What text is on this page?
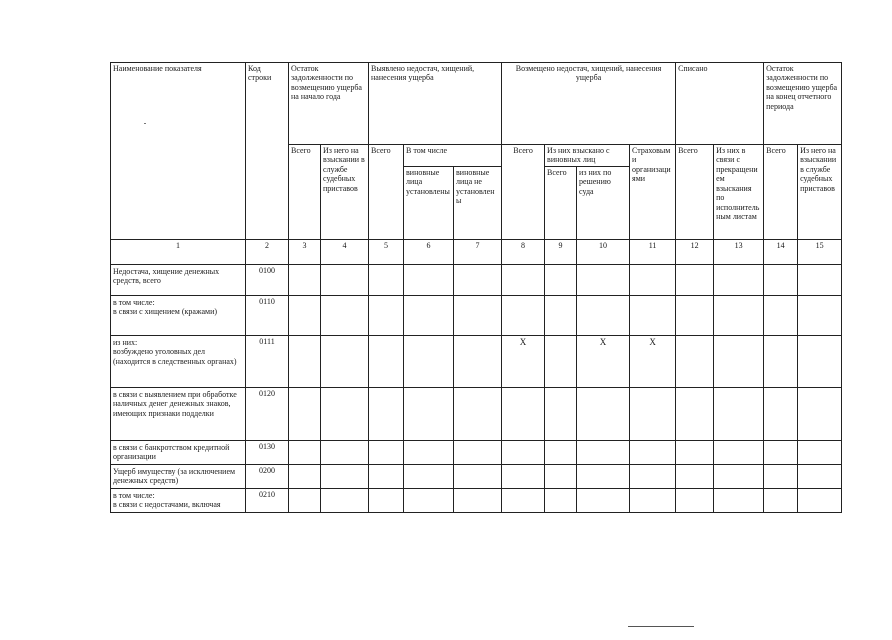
Наименование показателя	Код строки	Остаток задолженности по возмещению ущерба на начало года		Выявлено недостач, хищений, нанесения ущерба			Возмещено недостач, хищений, нанесения ущерба				Списано		Остаток задолженности по возмещению ущерба на конец отчетного периода	
		Всего	Из него на взыскании в службе судебных приставов	Всего	В том числе		Всего	Из них взыскано с виновных лиц		Страховыми организациями	Всего	Из них в связи с прекращением взыскания по исполнительным листам	Всего	Из него на взыскании в службе судебных приставов
					виновные лица установлены	виновные лица не установлены		Всего	из них по решению суда					
1	2	3	4	5	6	7	8	9	10	11	12	13	14	15
Недостача, хищение денежных средств, всего	0100													
в том числе:
в связи с хищением (кражами)	0110													
из них:
возбуждено уголовных дел (находится в следственных органах)	0111						X		X	X				
в связи с выявлением при обработке наличных денег денежных знаков, имеющих признаки подделки	0120													
в связи с банкротством кредитной организации	0130													
Ущерб имуществу (за исключением денежных средств)	0200													
в том числе:
в связи с недостачами, включая	0210													
